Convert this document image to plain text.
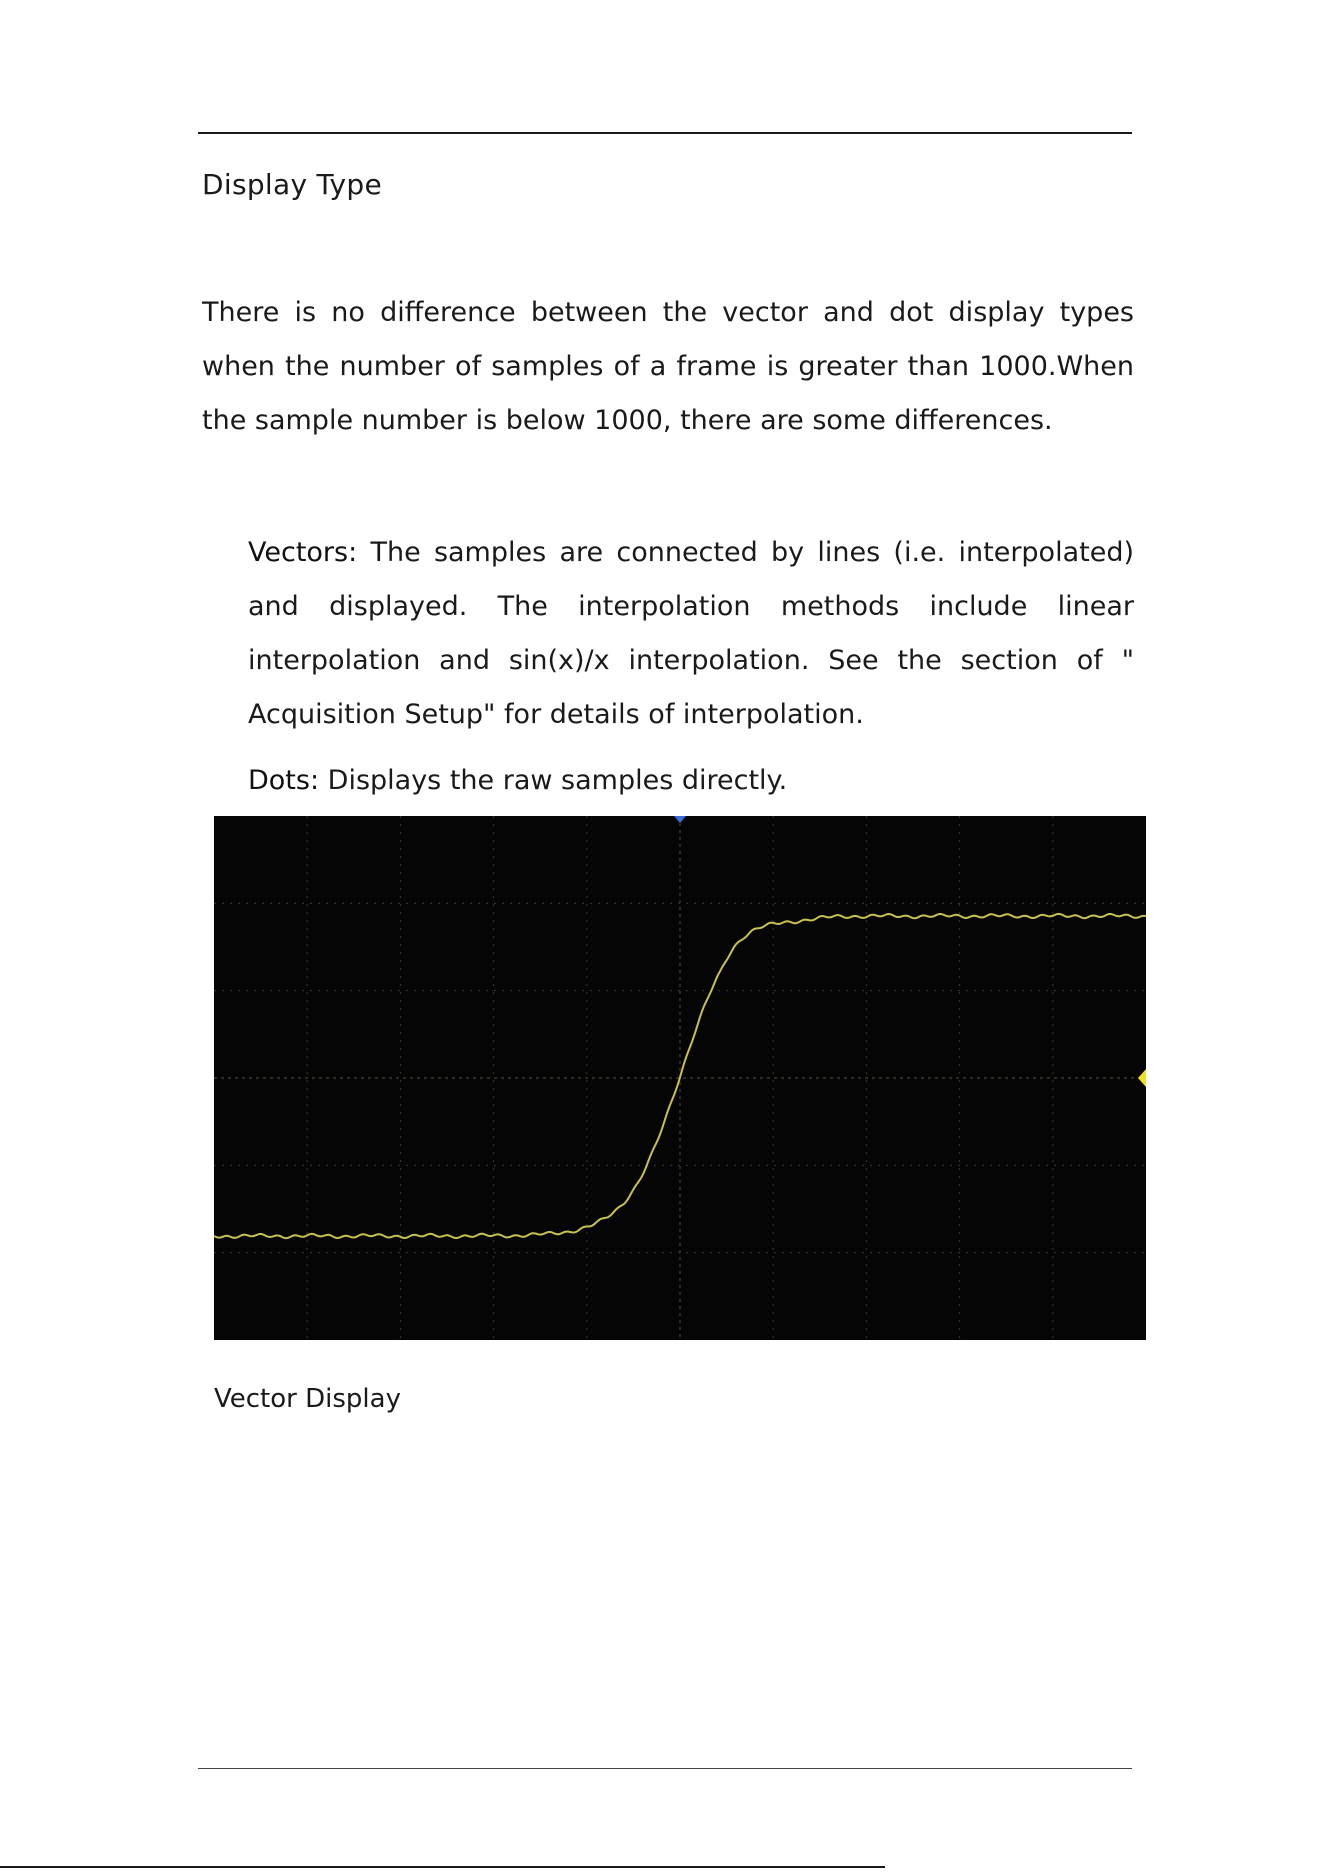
Display Type
There is no difference between the vector and dot display types when the number of samples of a frame is greater than 1000.When the sample number is below 1000, there are some differences.
Vectors: The samples are connected by lines (i.e. interpolated) and displayed. The interpolation methods include linear interpolation and sin(x)/x interpolation. See the section of " Acquisition Setup" for details of interpolation.
Dots: Displays the raw samples directly.
Vector Display
